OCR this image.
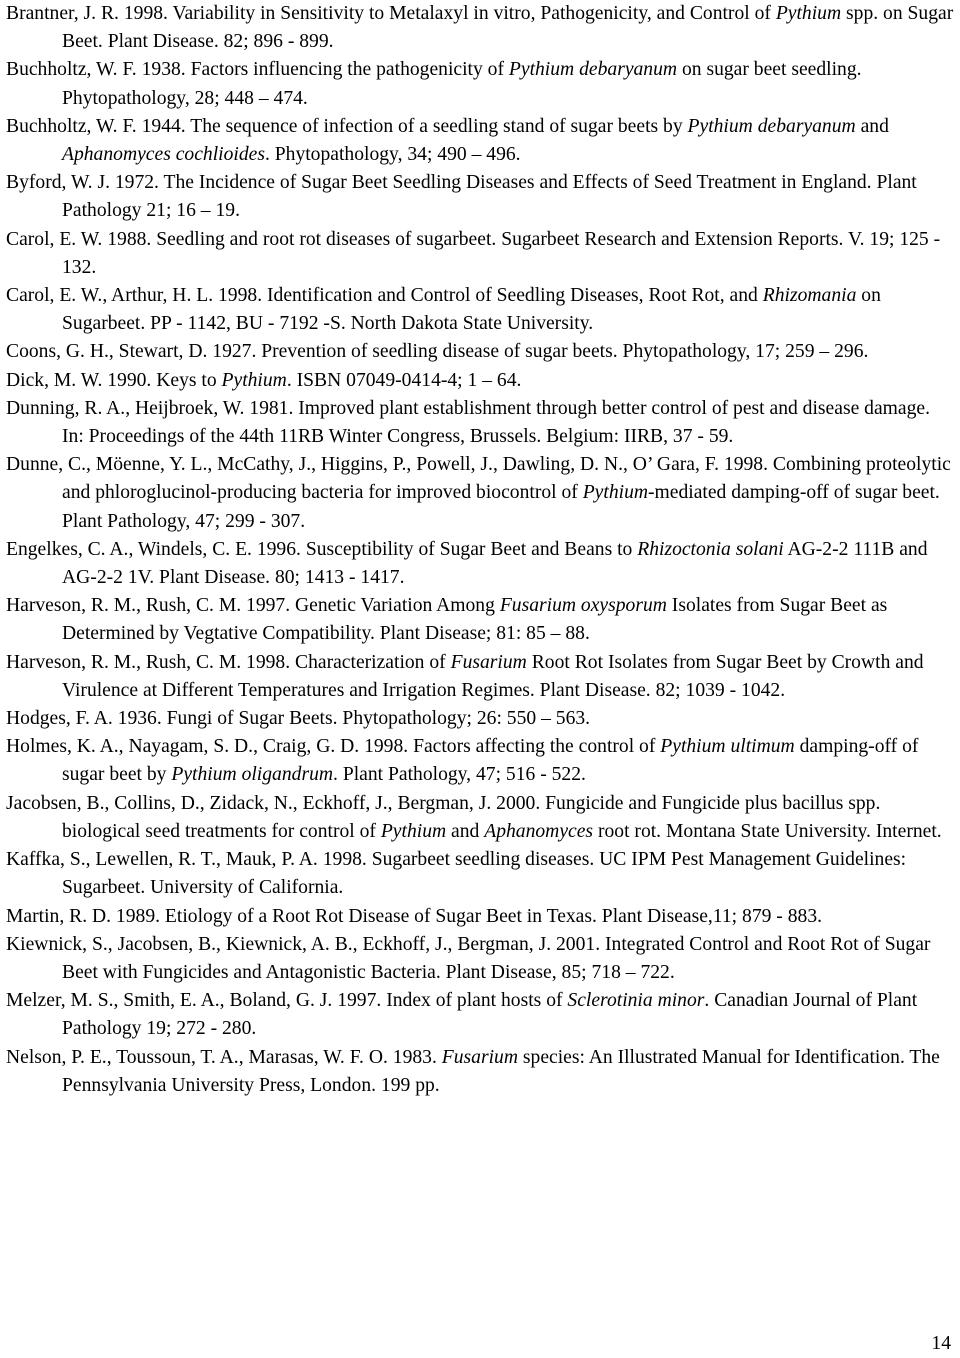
Brantner, J. R. 1998. Variability in Sensitivity to Metalaxyl in vitro, Pathogenicity, and Control of Pythium spp. on Sugar Beet. Plant Disease. 82; 896 - 899.

Buchholtz, W. F. 1938. Factors influencing the pathogenicity of Pythium debaryanum on sugar beet seedling. Phytopathology, 28; 448 – 474.

Buchholtz, W. F. 1944. The sequence of infection of a seedling stand of sugar beets by Pythium debaryanum and Aphanomyces cochlioides. Phytopathology, 34; 490 – 496.

Byford, W. J. 1972. The Incidence of Sugar Beet Seedling Diseases and Effects of Seed Treatment in England. Plant Pathology 21; 16 – 19.

Carol, E. W. 1988. Seedling and root rot diseases of sugarbeet. Sugarbeet Research and Extension Reports. V. 19; 125 - 132.

Carol, E. W., Arthur, H. L. 1998. Identification and Control of Seedling Diseases, Root Rot, and Rhizomania on Sugarbeet. PP - 1142, BU - 7192 -S. North Dakota State University.

Coons, G. H., Stewart, D. 1927. Prevention of seedling disease of sugar beets. Phytopathology, 17; 259 – 296.

Dick, M. W. 1990. Keys to Pythium. ISBN 07049-0414-4; 1 – 64.

Dunning, R. A., Heijbroek, W. 1981. Improved plant establishment through better control of pest and disease damage. In: Proceedings of the 44th 11RB Winter Congress, Brussels. Belgium: IIRB, 37 - 59.

Dunne, C., Möenne, Y. L., McCathy, J., Higgins, P., Powell, J., Dawling, D. N., O’ Gara, F. 1998. Combining proteolytic and phloroglucinol-producing bacteria for improved biocontrol of Pythium-mediated damping-off of sugar beet. Plant Pathology, 47; 299 - 307.

Engelkes, C. A., Windels, C. E. 1996. Susceptibility of Sugar Beet and Beans to Rhizoctonia solani AG-2-2 111B and AG-2-2 1V. Plant Disease. 80; 1413 - 1417.

Harveson, R. M., Rush, C. M. 1997. Genetic Variation Among Fusarium oxysporum Isolates from Sugar Beet as Determined by Vegtative Compatibility. Plant Disease; 81: 85 – 88.

Harveson, R. M., Rush, C. M. 1998. Characterization of Fusarium Root Rot Isolates from Sugar Beet by Crowth and Virulence at Different Temperatures and Irrigation Regimes. Plant Disease. 82; 1039 - 1042.

Hodges, F. A. 1936. Fungi of Sugar Beets. Phytopathology; 26: 550 – 563.

Holmes, K. A., Nayagam, S. D., Craig, G. D. 1998. Factors affecting the control of Pythium ultimum damping-off of sugar beet by Pythium oligandrum. Plant Pathology, 47; 516 - 522.

Jacobsen, B., Collins, D., Zidack, N., Eckhoff, J., Bergman, J. 2000. Fungicide and Fungicide plus bacillus spp. biological seed treatments for control of Pythium and Aphanomyces root rot. Montana State University. Internet.

Kaffka, S., Lewellen, R. T., Mauk, P. A. 1998. Sugarbeet seedling diseases. UC IPM Pest Management Guidelines: Sugarbeet. University of California.

Martin, R. D. 1989. Etiology of a Root Rot Disease of Sugar Beet in Texas. Plant Disease,11; 879 - 883.

Kiewnick, S., Jacobsen, B., Kiewnick, A. B., Eckhoff, J., Bergman, J. 2001. Integrated Control and Root Rot of Sugar Beet with Fungicides and Antagonistic Bacteria. Plant Disease, 85; 718 – 722.

Melzer, M. S., Smith, E. A., Boland, G. J. 1997. Index of plant hosts of Sclerotinia minor. Canadian Journal of Plant Pathology 19; 272 - 280.

Nelson, P. E., Toussoun, T. A., Marasas, W. F. O. 1983. Fusarium species: An Illustrated Manual for Identification. The Pennsylvania University Press, London. 199 pp.

14
